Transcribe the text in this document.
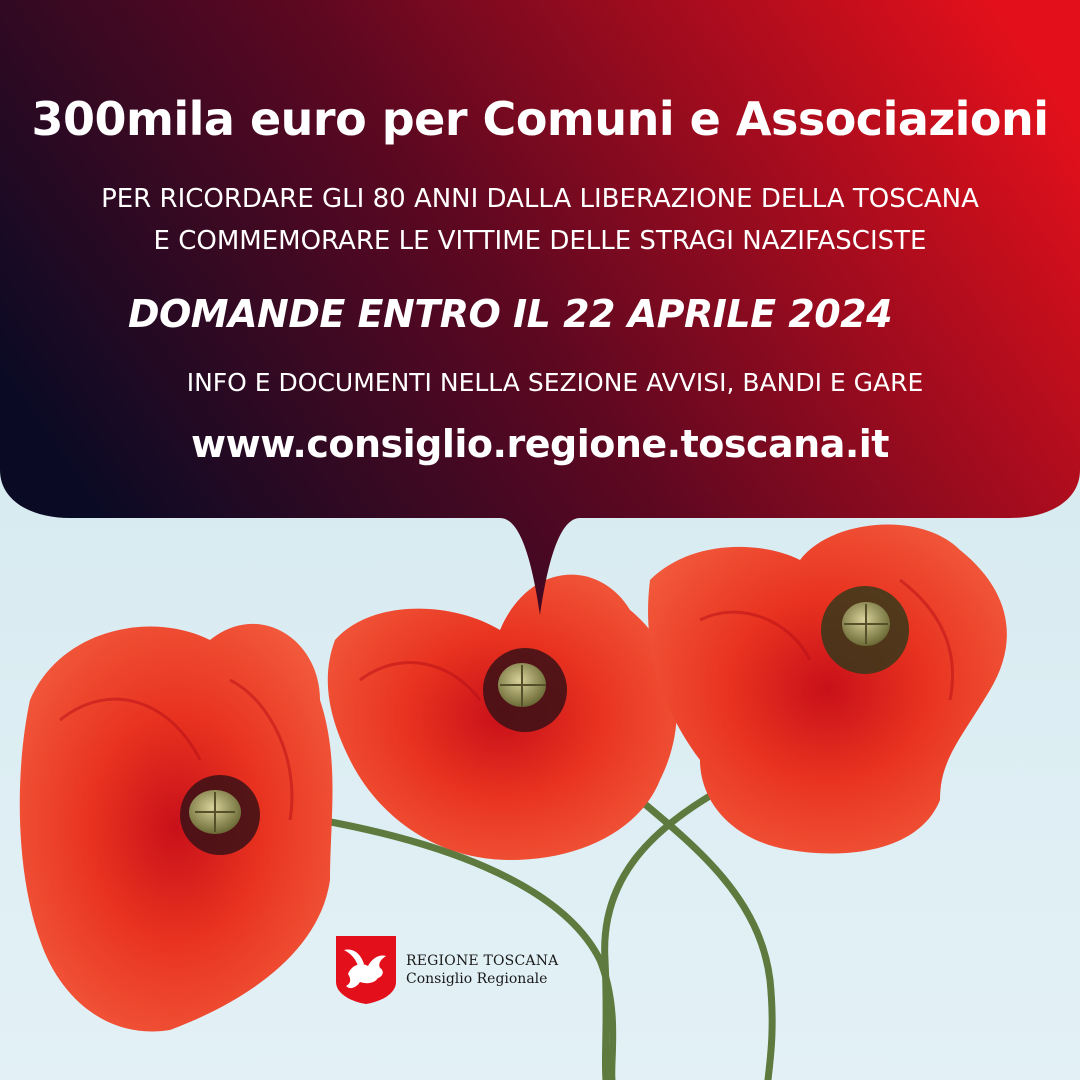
300mila euro per Comuni e Associazioni
PER RICORDARE GLI 80 ANNI DALLA LIBERAZIONE DELLA TOSCANA
E COMMEMORARE LE VITTIME DELLE STRAGI NAZIFASCISTE
DOMANDE ENTRO IL 22 APRILE 2024
INFO E DOCUMENTI NELLA SEZIONE AVVISI, BANDI E GARE
www.consiglio.regione.toscana.it
REGIONE TOSCANA
Consiglio Regionale
